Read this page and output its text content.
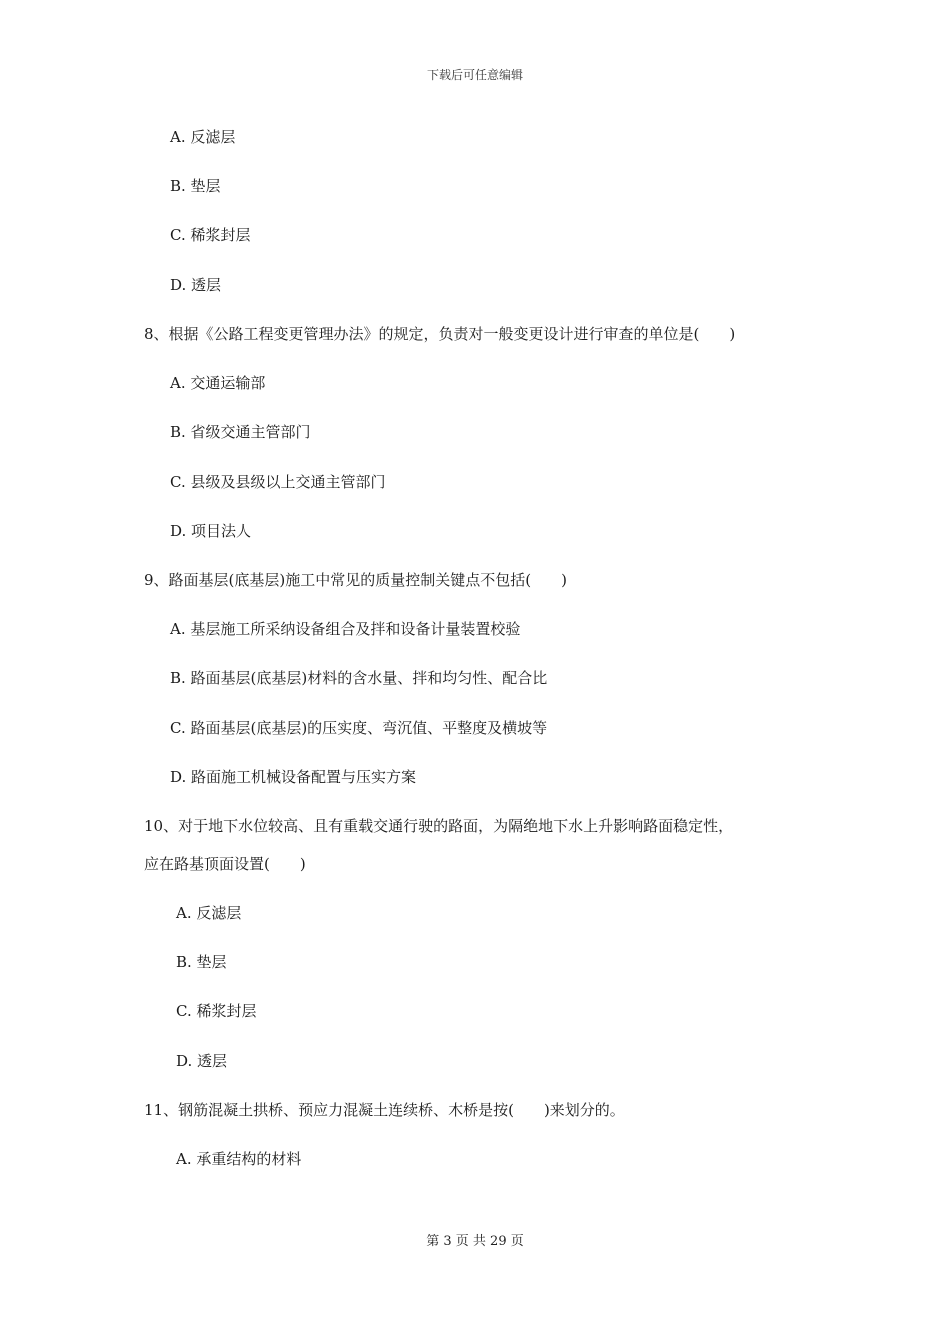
下载后可任意编辑
A. 反滤层
B. 垫层
C. 稀浆封层
D. 透层
8、根据《公路工程变更管理办法》的规定，负责对一般变更设计进行审查的单位是(　　)
A. 交通运输部
B. 省级交通主管部门
C. 县级及县级以上交通主管部门
D. 项目法人
9、路面基层(底基层)施工中常见的质量控制关键点不包括(　　)
A. 基层施工所采纳设备组合及拌和设备计量装置校验
B. 路面基层(底基层)材料的含水量、拌和均匀性、配合比
C. 路面基层(底基层)的压实度、弯沉值、平整度及横坡等
D. 路面施工机械设备配置与压实方案
10、对于地下水位较高、且有重载交通行驶的路面，为隔绝地下水上升影响路面稳定性，
应在路基顶面设置(　　)
A. 反滤层
B. 垫层
C. 稀浆封层
D. 透层
11、钢筋混凝土拱桥、预应力混凝土连续桥、木桥是按(　　)来划分的。
A. 承重结构的材料
第 3 页 共 29 页
